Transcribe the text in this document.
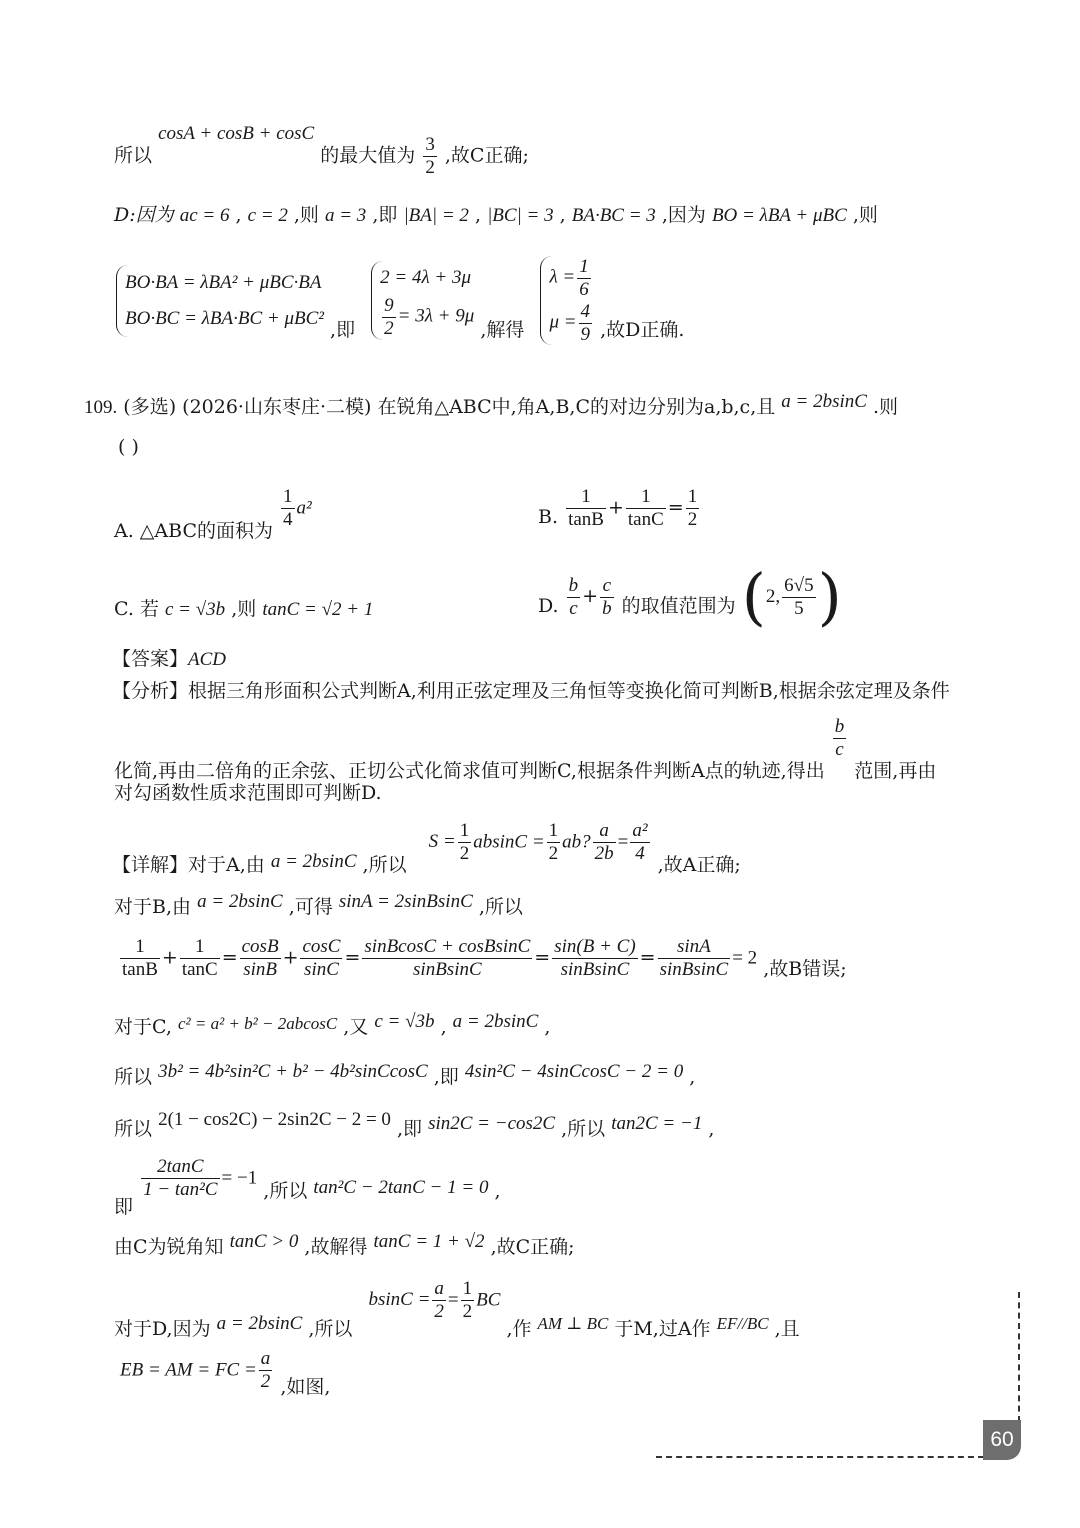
所以 cosA + cosB + cosC 的最大值为 $\frac{3}{2}$ ,故C正确;
D:因为 ac = 6 , c = 2 ,则 a = 3 ,即 |BA| = 2 , |BC| = 3 , BA·BC = 3 ,因为 BO = λBA + μBC ,则
BO·BA = λBA² + μBC·BA
BO·BC = λBA·BC + μBC²
,即
2 = 4λ + 3μ
$\frac{9}{2} = 3\lambda + 9\mu$
,解得
$\lambda = \frac{1}{6}$
$\mu = \frac{4}{9}$ ,故D正确.
109. (多选) (2026·山东枣庄·二模) 在锐角△ABC中,角A,B,C的对边分别为a,b,c,且 a = 2bsinC .则
( )
A. △ABC的面积为
$\frac{1}{4} a^2$	B. $\frac{1}{\tan B} + \frac{1}{\tan C} = \frac{1}{2}$
C. 若 c = √3b ,则 tanC = √2 + 1	D. $\frac{b}{c} + \frac{c}{b}$ 的取值范围为 (2, $\frac{6√5}{5}$ )
【答案】ACD
【分析】根据三角形面积公式判断A,利用正弦定理及三角恒等变换化简可判断B,根据余弦定理及条件
化简,再由二倍角的正余弦、正切公式化简求值可判断C,根据条件判断A点的轨迹,得出
$\frac{b}{c}$
范围,再由
对勾函数性质求范围即可判断D.
【详解】对于A,由 a = 2bsinC ,所以 $S = \frac{1}{2}$ $absinC = \frac{1}{2}$ ab? $\frac{a}{2b} = \frac{\text{a²}}{4}$
,故A正确;
对于B,由 a = 2bsinC ,可得 sinA = 2sinBsinC ,所以
$\frac{1}{\tan B} + \frac{1}{\tan C} = \frac{\cos B}{\sin B} + \frac{\cos C}{\sin C} = \frac{\text{sinBcosC + cosBsinC}}{\text{sinBsinC}} = \frac{\sin(B + C)}{\text{sinBsinC}} = \frac{\sin A}{\text{sinBsinC}} = 2$ ,故B错误;
对于C, c² = a² + b² − 2abcosC ,又 c = √3b , a = 2bsinC ,
所以 3b² = 4b²sin²C + b² − 4b²sinCcosC ,即 4sin²C − 4sinCcosC − 2 = 0 ,
所以 2(1 − cos2C) − 2sin2C − 2 = 0 ,即 sin2C = −cos2C ,所以 tan2C = −1 ,
即
$\frac{2\tan C}{\text{1 − tan²C}} = -1$ ,所以 tan²C − 2tanC − 1 = 0 ,
由C为锐角知 tanC > 0 ,故解得 tanC = 1 + √2 ,故C正确;
对于D,因为 a = 2bsinC ,所以 $bsinC = \frac{a}{2} = \frac{1}{2}$ BC ,作 AM ⊥ BC 于M,过A作 EF//BC ,且
EB = AM = FC = $\frac{a}{2}$ ,如图,
60
